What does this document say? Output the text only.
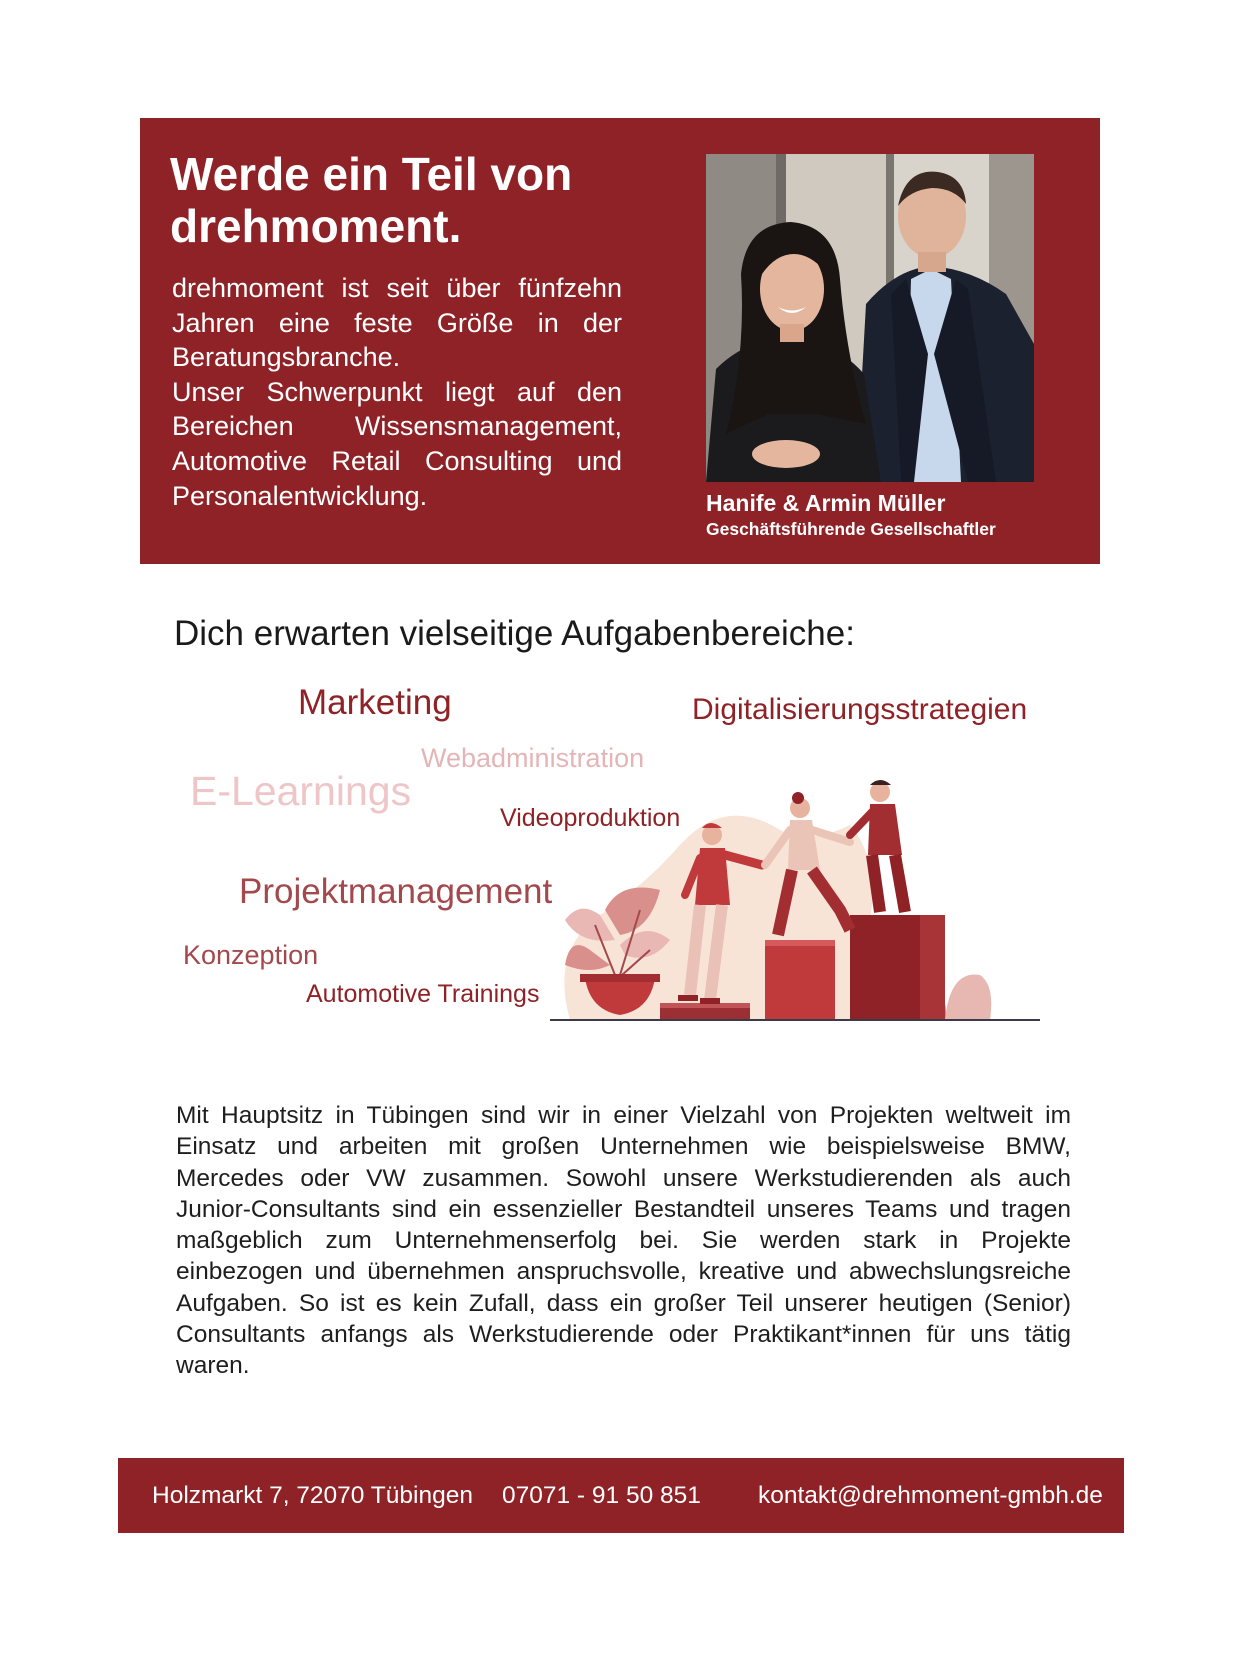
Werde ein Teil von
drehmoment.

drehmoment ist seit über fünfzehn Jahren eine feste Größe in der Beratungsbranche.

Unser Schwerpunkt liegt auf den Bereichen Wissensmanagement, Automotive Retail Consulting und Personalentwicklung.	Hanife & Armin Müller
Geschäftsführende Gesellschaftler
Dich erwarten vielseitige Aufgabenbereiche:
Marketing	Digitalisierungsstrategien
Webadministration
E-Learnings
Videoproduktion
Projektmanagement
Konzeption
Automotive Trainings

Mit Hauptsitz in Tübingen sind wir in einer Vielzahl von Projekten weltweit im Einsatz und arbeiten mit großen Unternehmen wie beispielsweise BMW, Mercedes oder VW zusammen. Sowohl unsere Werkstudierenden als auch Junior-Consultants sind ein essenzieller Bestandteil unseres Teams und tragen maßgeblich zum Unternehmenserfolg bei. Sie werden stark in Projekte einbezogen und übernehmen anspruchsvolle, kreative und abwechslungsreiche Aufgaben. So ist es kein Zufall, dass ein großer Teil unserer heutigen (Senior) Consultants anfangs als Werkstudierende oder Praktikant*innen für uns tätig waren.

Holzmarkt 7, 72070 Tübingen 07071 - 91 50 851 kontakt@drehmoment-gmbh.de
